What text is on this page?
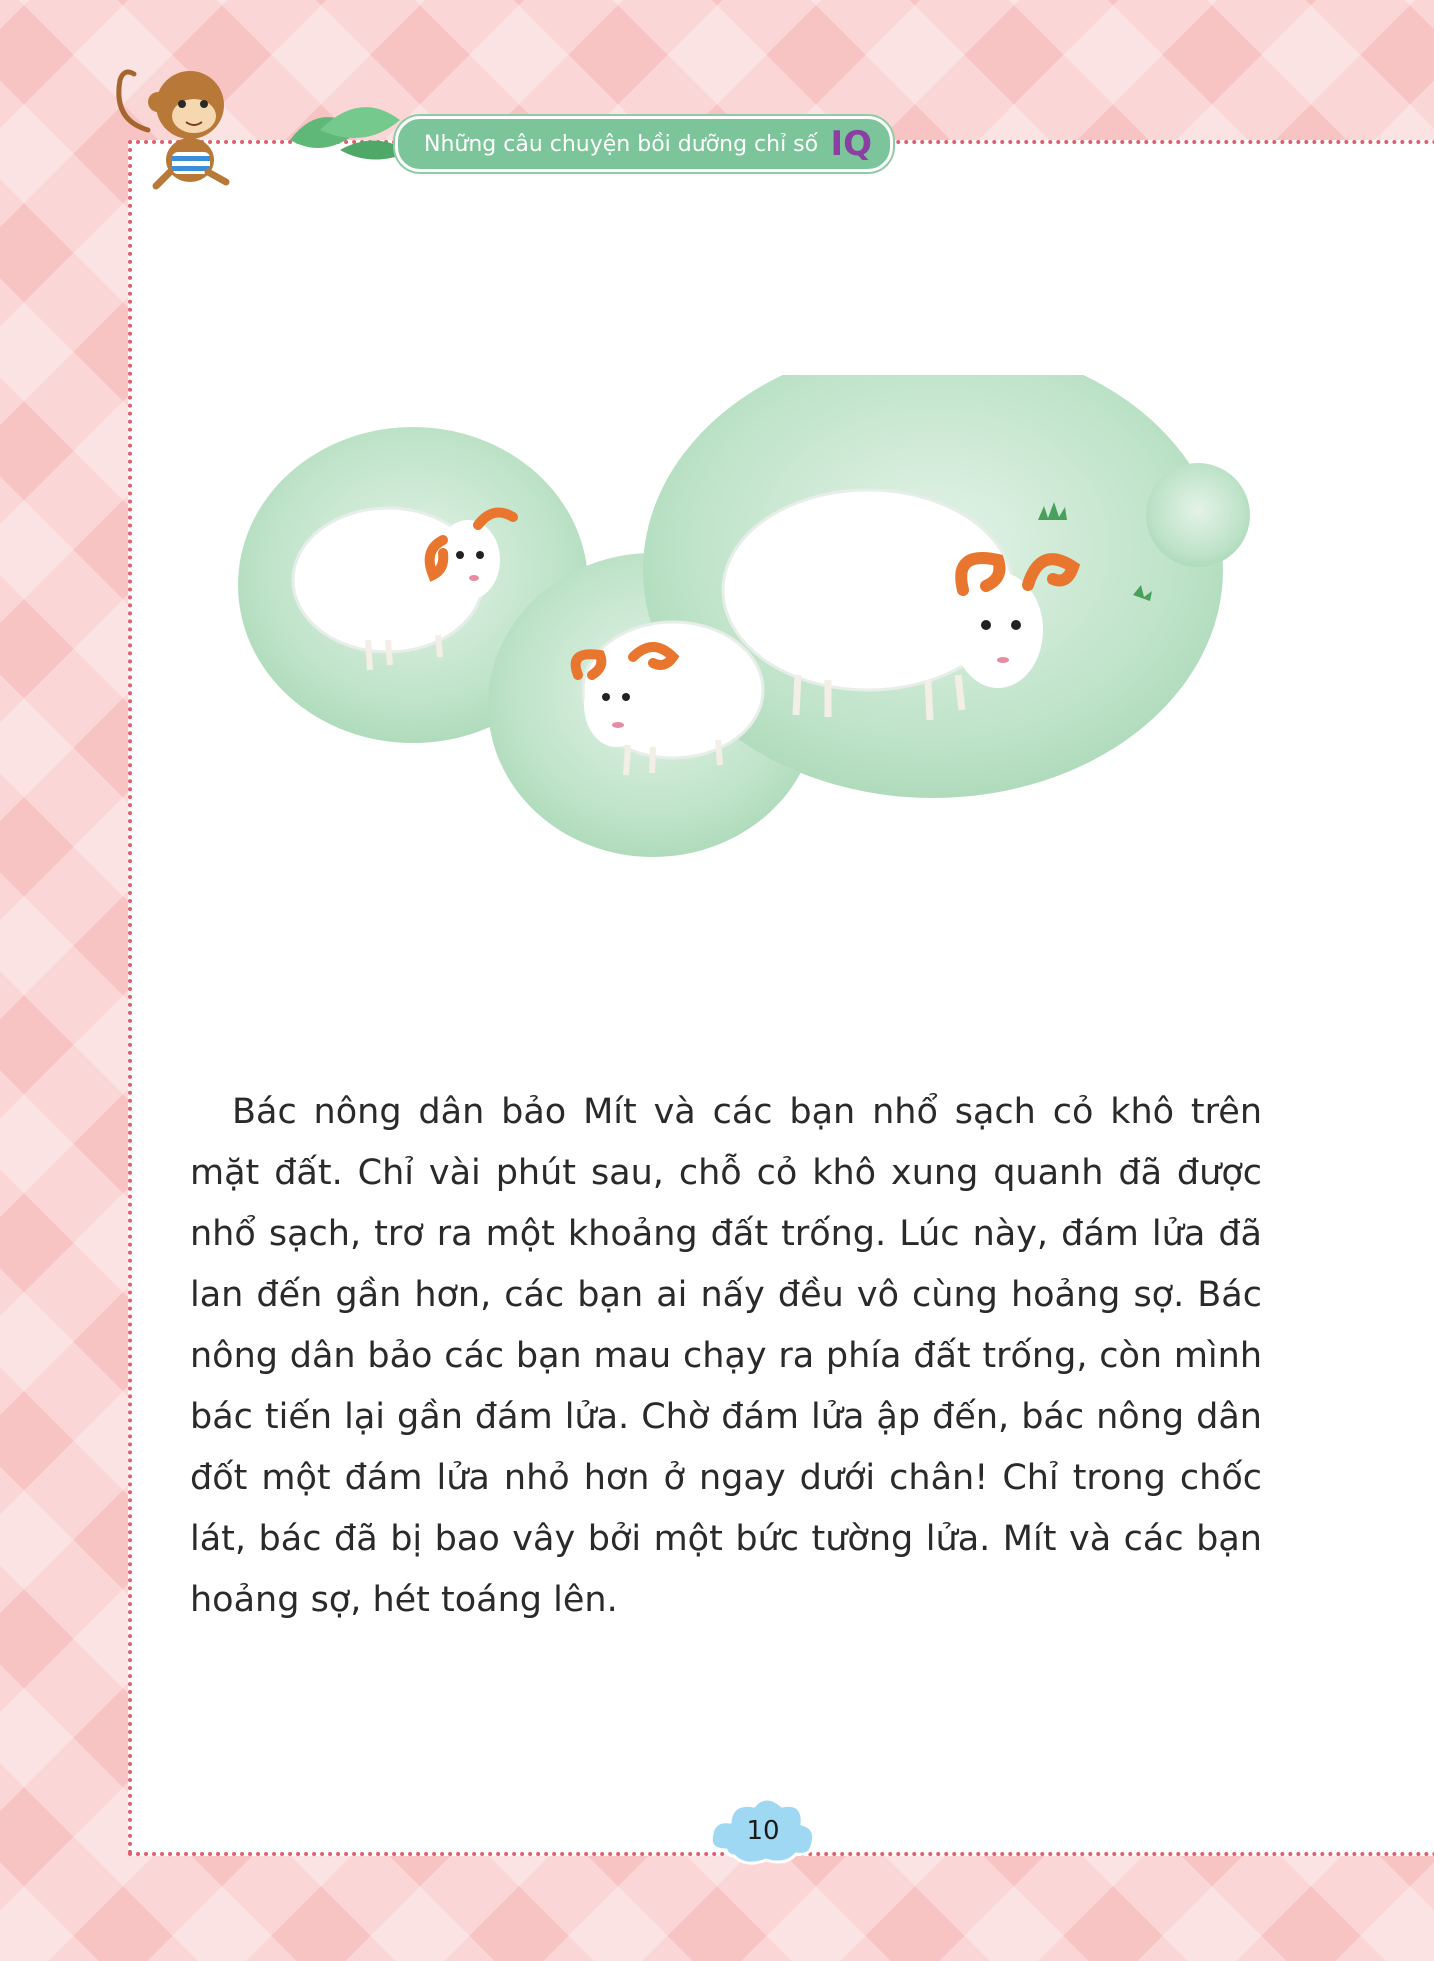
Những câu chuyện bồi dưỡng chỉ số IQ

Bác nông dân bảo Mít và các bạn nhổ sạch cỏ khô trên mặt đất. Chỉ vài phút sau, chỗ cỏ khô xung quanh đã được nhổ sạch, trơ ra một khoảng đất trống. Lúc này, đám lửa đã lan đến gần hơn, các bạn ai nấy đều vô cùng hoảng sợ. Bác nông dân bảo các bạn mau chạy ra phía đất trống, còn mình bác tiến lại gần đám lửa. Chờ đám lửa ập đến, bác nông dân đốt một đám lửa nhỏ hơn ở ngay dưới chân! Chỉ trong chốc lát, bác đã bị bao vây bởi một bức tường lửa. Mít và các bạn hoảng sợ, hét toáng lên.

10
